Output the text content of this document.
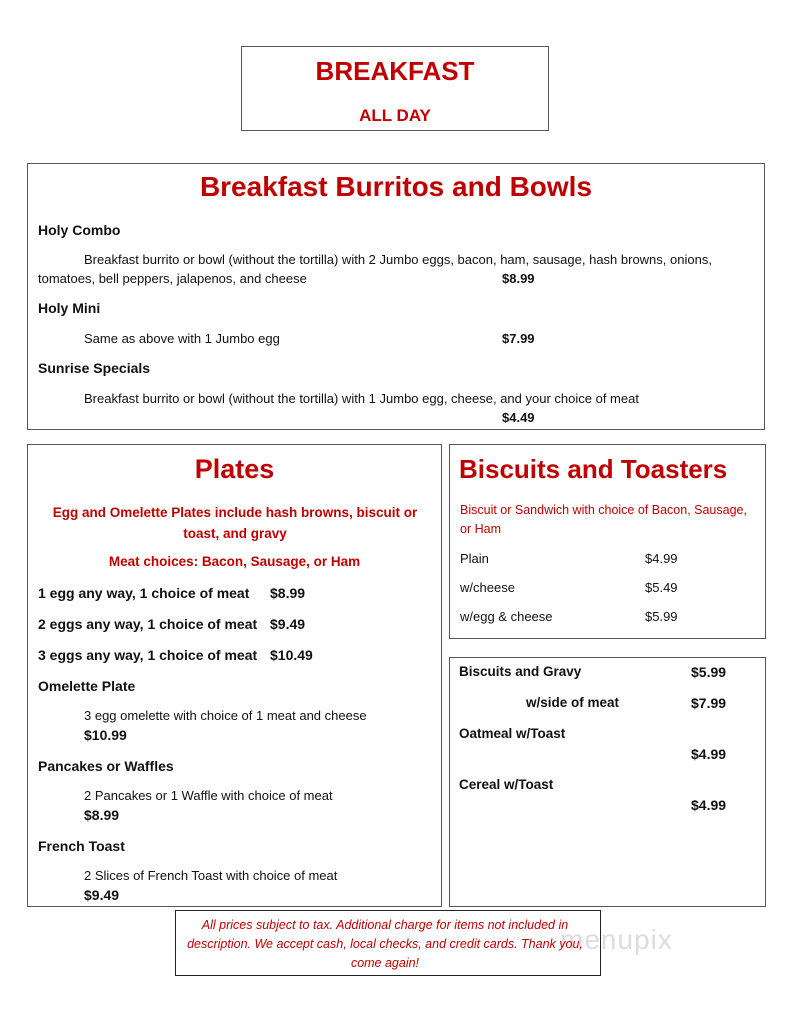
BREAKFAST
ALL DAY
Breakfast Burritos and Bowls
Holy Combo
Breakfast burrito or bowl (without the tortilla) with 2 Jumbo eggs, bacon, ham, sausage, hash browns, onions,
tomatoes, bell peppers, jalapenos, and cheese	$8.99
Holy Mini
Same as above with 1 Jumbo egg	$7.99
Sunrise Specials
Breakfast burrito or bowl (without the tortilla) with 1 Jumbo egg, cheese, and your choice of meat
$4.49
Plates
Egg and Omelette Plates include hash browns, biscuit or toast, and gravy
Meat choices: Bacon, Sausage, or Ham
1 egg any way, 1 choice of meat $8.99
2 eggs any way, 1 choice of meat $9.49
3 eggs any way, 1 choice of meat $10.49
Omelette Plate
3 egg omelette with choice of 1 meat and cheese
$10.99
Pancakes or Waffles
2 Pancakes or 1 Waffle with choice of meat
$8.99
French Toast
2 Slices of French Toast with choice of meat
$9.49
Biscuits and Toasters
Biscuit or Sandwich with choice of Bacon, Sausage,
or Ham
Plain	$4.99
w/cheese	$5.49
w/egg & cheese	$5.99
Biscuits and Gravy	$5.99
w/side of meat	$7.99
Oatmeal w/Toast
$4.99
Cereal w/Toast
$4.99
menupix
All prices subject to tax. Additional charge for items not included in description. We accept cash, local checks, and credit cards. Thank you, come again!
